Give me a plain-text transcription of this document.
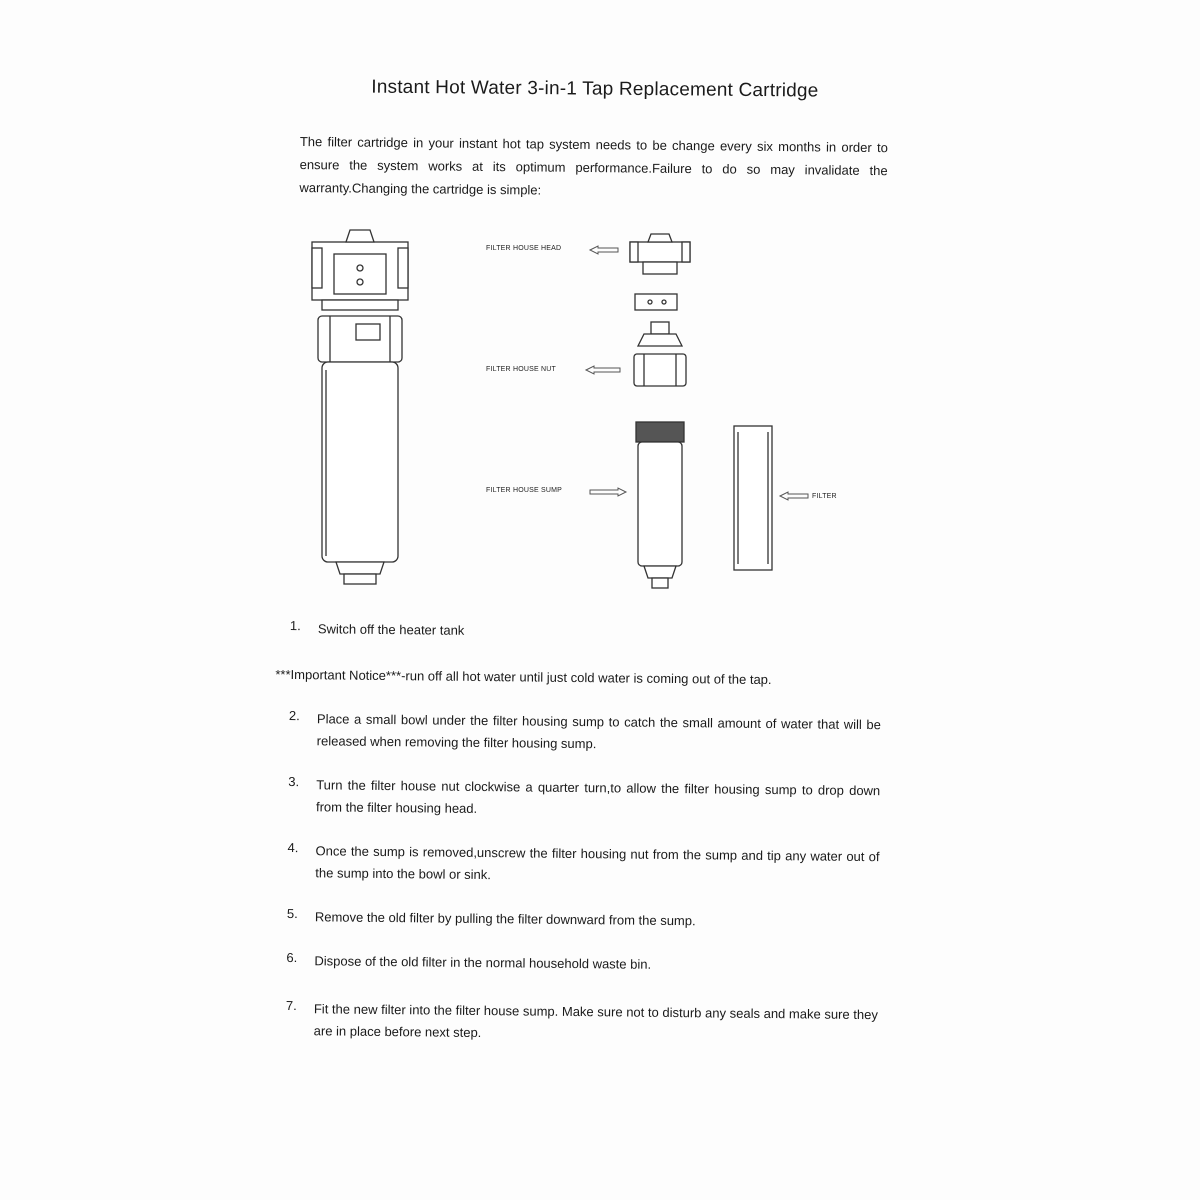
Instant Hot Water 3-in-1 Tap Replacement Cartridge
The filter cartridge in your instant hot tap system needs to be change every six months in order to ensure the system works at its optimum performance.Failure to do so may invalidate the warranty.Changing the cartridge is simple:
FILTER HOUSE HEAD
FILTER HOUSE NUT
FILTER HOUSE SUMP
FILTER
1.	Switch off the heater tank
***Important Notice***-run off all hot water until just cold water is coming out of the tap.
2.	Place a small bowl under the filter housing sump to catch the small amount of water that will be released when removing the filter housing sump.
3.	Turn the filter house nut clockwise a quarter turn,to allow the filter housing sump to drop down from the filter housing head.
4.	Once the sump is removed,unscrew the filter housing nut from the sump and tip any water out of the sump into the bowl or sink.
5.	Remove the old filter by pulling the filter downward from the sump.
6.	Dispose of the old filter in the normal household waste bin.
7.	Fit the new filter into the filter house sump. Make sure not to disturb any seals and make sure they are in place before next step.
